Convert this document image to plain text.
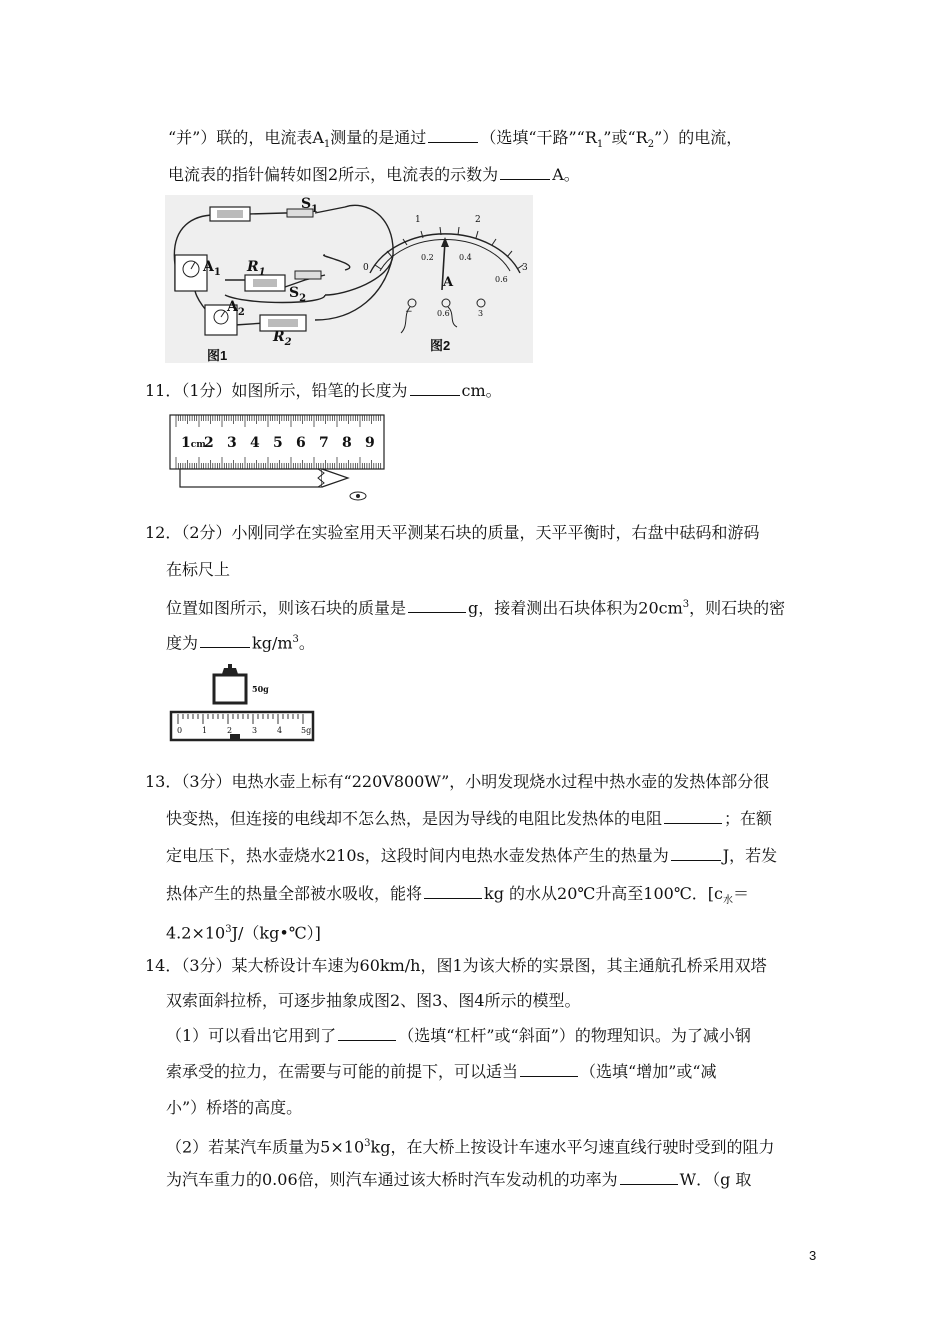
“并”）联的，电流表$A_1$测量的是通过	（选填“干路$”“R_1$”或“$R_2$”）的电流，
电流表的指针偏转如图2所示，电流表的示数为	A。
$S_1$
$A_1$ $R_1$
$S_2$
$A_2$
$R_2$
图1
0
1	2
3
0.2	0.4
0.6
A
−	0.6	3
图2
11．（1分）如图所示，铅笔的长度为	cm。
1cm
2 3 4 5 6 7 8 9
12．（2分）小刚同学在实验室用天平测某石块的质量，天平平衡时，右盘中砝码和游码
在标尺上
位置如图所示，则该石块的质量是	g，接着测出石块体积为$20cm^3$，则石块的密
度为	$kg/m^3$。
50g
0 1 2 3 4 5g
13．（3分）电热水壶上标有“220V800W”，小明发现烧水过程中热水壶的发热体部分很
快变热，但连接的电线却不怎么热，是因为导线的电阻比发热体的电阻	；在额
定电压下，热水壶烧水210s，这段时间内电热水壶发热体产生的热量为	J，若发
热体产生的热量全部被水吸收，能将	kg 的水从20℃升高至100℃．[$c_水=$
$4.2\times 10^3J/(kg•℃)$]
14．（3分）某大桥设计车速为60km/h，图1为该大桥的实景图，其主通航孔桥采用双塔
双索面斜拉桥，可逐步抽象成图2、图3、图4所示的模型。
（1）可以看出它用到了	（选填“杠杆”或“斜面”）的物理知识。为了减小钢
索承受的拉力，在需要与可能的前提下，可以适当	（选填“增加”或“减
小”）桥塔的高度。
（2）若某汽车质量为$5\times 10^3kg$，在大桥上按设计车速水平匀速直线行驶时受到的阻力
为汽车重力的0.06倍，则汽车通过该大桥时汽车发动机的功率为	W．（g 取
3
